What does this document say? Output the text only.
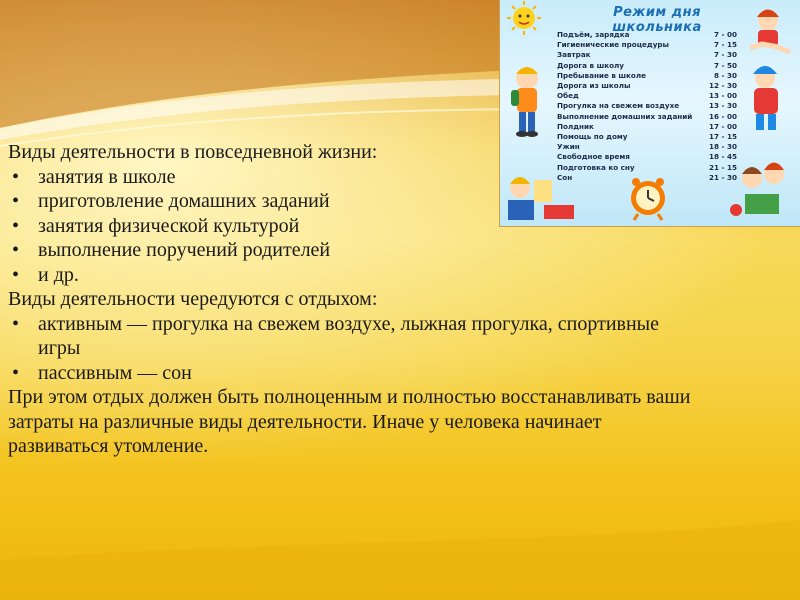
Режим дня школьника
Подъём, зарядка	7 - 00
Гигиенические процедуры	7 - 15
Завтрак	7 - 30
Дорога в школу	7 - 50
Пребывание в школе	8 - 30
Дорога из школы	12 - 30
Обед	13 - 00
Прогулка на свежем воздухе	13 - 30
Выполнение домашних заданий 16 - 00
Полдник	17 - 00
Помощь по дому	17 - 15
Ужин	18 - 30
Свободное время	18 - 45
Подготовка ко сну	21 - 15
Сон	21 - 30

Виды деятельности в повседневной жизни:

• занятия в школе
• приготовление домашних заданий
• занятия физической культурой
• выполнение поручений родителей
• и др.

Виды деятельности чередуются с отдыхом:

• активным — прогулка на свежем воздухе, лыжная прогулка, спортивные игры
• пассивным — сон

При этом отдых должен быть полноценным и полностью восстанавливать ваши затраты на различные виды деятельности. Иначе у человека начинает развиваться утомление.
